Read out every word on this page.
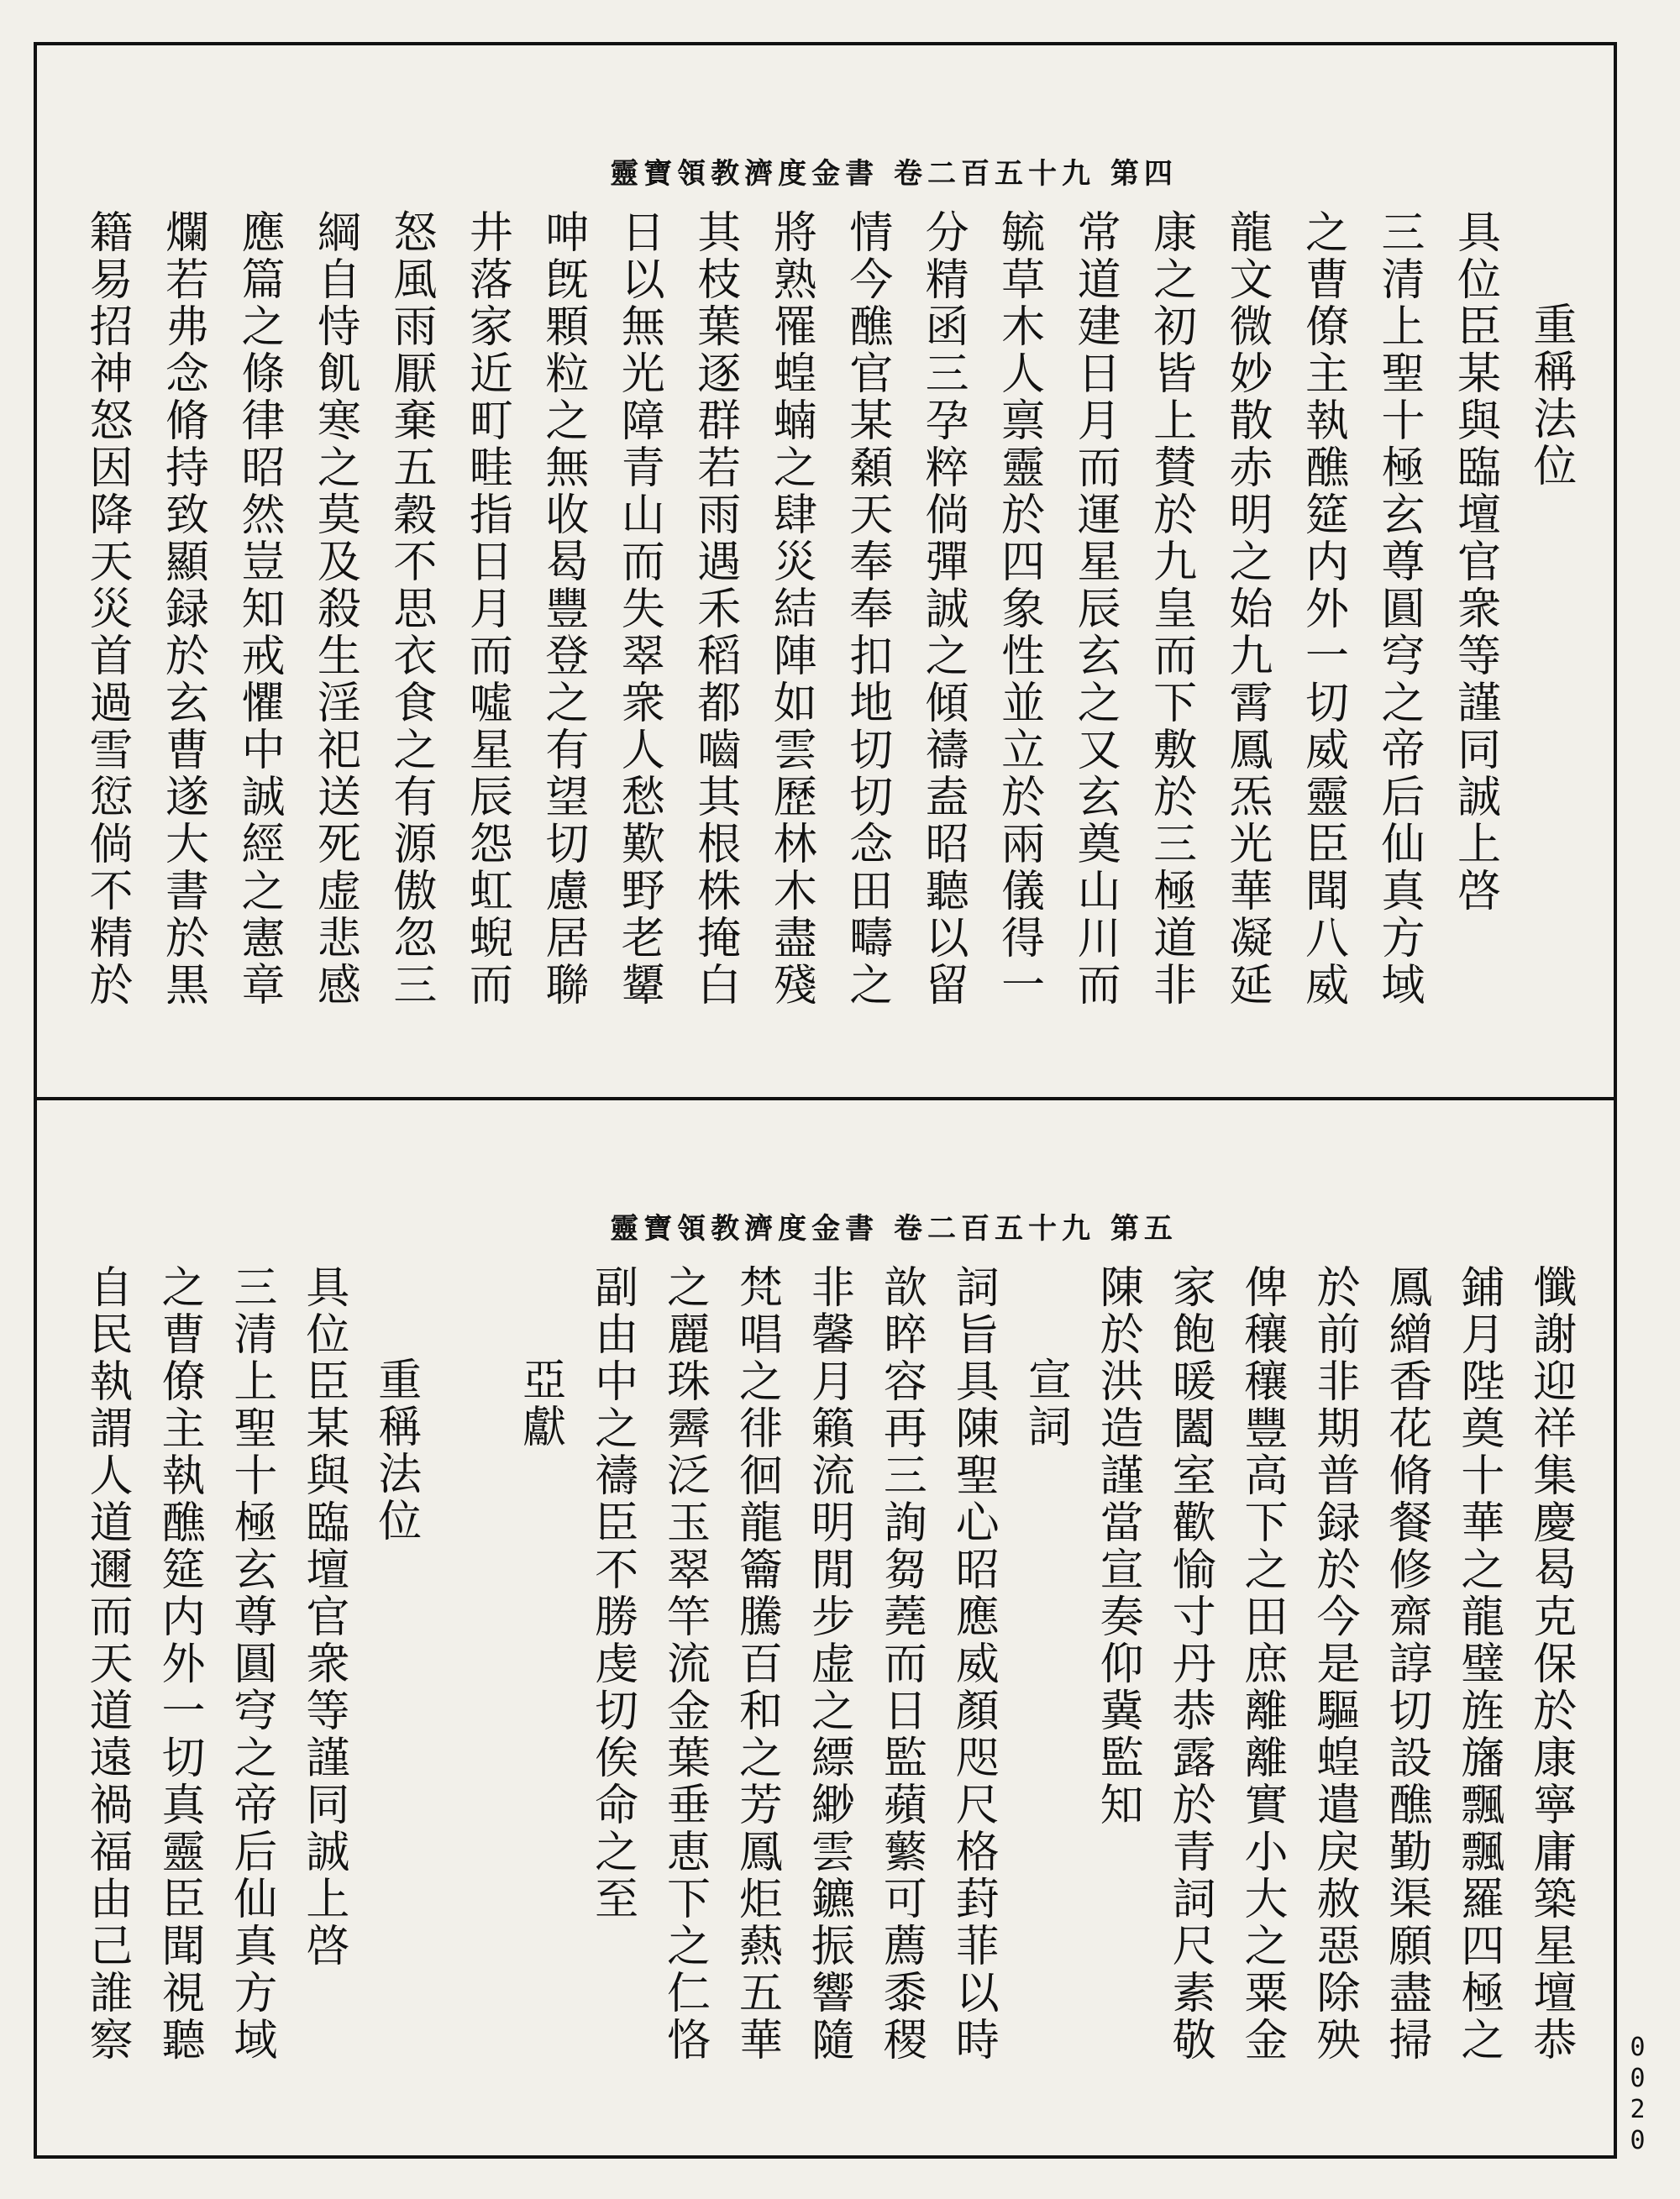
靈寶領教濟度金書 卷二百五十九 第四
重稱法位
具位臣某與臨壇官衆等謹同誠上啓
三清上聖十極玄尊圓穹之帝后仙真方域
之曹僚主執醮筵内外一切威靈臣聞八威
龍文微妙散赤明之始九霄鳳炁光華凝延
康之初皆上賛於九皇而下敷於三極道非
常道建日月而運星辰玄之又玄奠山川而
毓草木人禀靈於四象性並立於兩儀得一
分精函三孕粹倘彈誠之傾禱盍昭聽以留
情今醮官某顙天奉奉扣地切切念田疇之
將熟罹蝗蝻之肆災結陣如雲歷林木盡殘
其枝葉逐群若雨遇禾稻都嚙其根株掩白
日以無光障青山而失翠衆人愁歎野老顰
呻旣顆粒之無收曷豐登之有望切慮居聯
井落家近町畦指日月而噓星辰怨虹蜺而
怒風雨厭棄五穀不思衣食之有源傲忽三
綱自恃飢寒之莫及殺生淫祀送死虚悲感
應篇之條律昭然豈知戒懼中誠經之憲章
爛若弗念脩持致顯録於玄曹遂大書於黒
籍易招神怒因降天災首過雪愆倘不精於
靈寶領教濟度金書 卷二百五十九 第五
懺謝迎祥集慶曷克保於康寧庸築星壇恭
鋪月陛奠十華之龍璧旌旛飄飄羅四極之
鳳繒香花脩餐修齋諄切設醮勤渠願盡掃
於前非期普録於今是驅蝗遣戾赦惡除殃
俾穰穰豐高下之田庶離離實小大之粟金
家飽暖闔室歡愉寸丹恭露於青詞尺素敬
陳於洪造謹當宣奏仰冀監知
宣詞
詞旨具陳聖心昭應威顏咫尺格葑菲以時
歆睟容再三詢芻蕘而日監蘋蘩可薦黍稷
非馨月籟流明閒步虚之縹緲雲鑣振響隨
梵唱之徘徊龍籥騰百和之芳鳳炬爇五華
之麗珠霽泛玉翠竿流金葉垂恵下之仁恪
副由中之禱臣不勝虔切俟命之至
亞獻
重稱法位
具位臣某與臨壇官衆等謹同誠上啓
三清上聖十極玄尊圓穹之帝后仙真方域
之曹僚主執醮筵内外一切真靈臣聞視聽
自民執謂人道邇而天道遠禍福由己誰察
0020
